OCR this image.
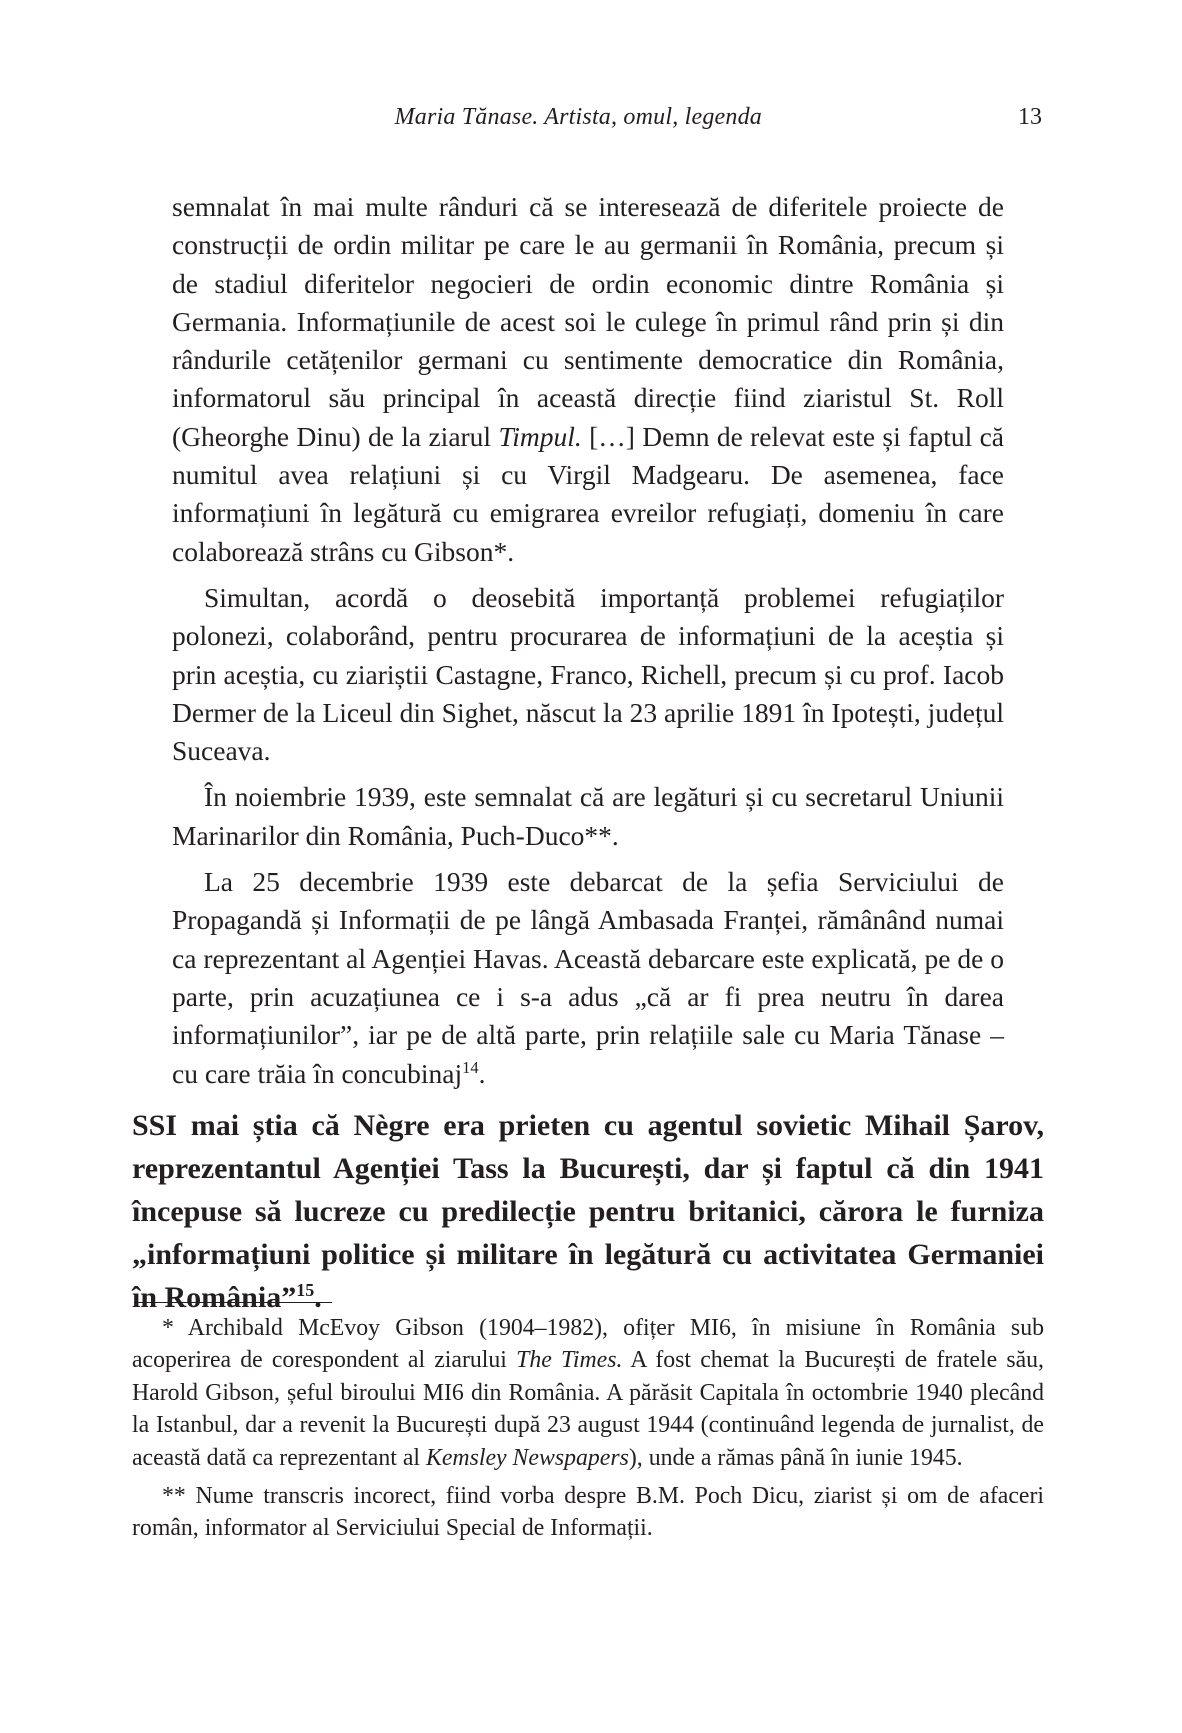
Maria Tănase. Artista, omul, legenda	13

semnalat în mai multe rânduri că se interesează de diferitele proiecte de construcții de ordin militar pe care le au germanii în România, precum și de stadiul diferitelor negocieri de ordin economic dintre România și Germania. Informațiunile de acest soi le culege în primul rând prin și din rândurile cetățenilor germani cu sentimente democratice din România, informatorul său principal în această direcție fiind ziaristul St. Roll (Gheorghe Dinu) de la ziarul Timpul. […] Demn de relevat este și faptul că numitul avea relațiuni și cu Virgil Madgearu. De asemenea, face informațiuni în legătură cu emigrarea evreilor refugiați, domeniu în care colaborează strâns cu Gibson*.

Simultan, acordă o deosebită importanță problemei refugiaților polonezi, colaborând, pentru procurarea de informațiuni de la aceștia și prin aceștia, cu ziariștii Castagne, Franco, Richell, precum și cu prof. Iacob Dermer de la Liceul din Sighet, născut la 23 aprilie 1891 în Ipotești, județul Suceava.

În noiembrie 1939, este semnalat că are legături și cu secretarul Uniunii Marinarilor din România, Puch-Duco**.

La 25 decembrie 1939 este debarcat de la șefia Serviciului de Propagandă și Informații de pe lângă Ambasada Franței, rămânând numai ca reprezentant al Agenției Havas. Această debarcare este explicată, pe de o parte, prin acuzațiunea ce i s-a adus „că ar fi prea neutru în darea informațiunilor”, iar pe de altă parte, prin relațiile sale cu Maria Tănase – cu care trăia în concubinaj$^{14}$.

SSI mai știa că Nègre era prieten cu agentul sovietic Mihail Șarov, reprezentantul Agenției Tass la București, dar și faptul că din 1941 începuse să lucreze cu predilecție pentru britanici, cărora le furniza „informațiuni politice și militare în legătură cu activitatea Germaniei în România”$^{15}$.

* Archibald McEvoy Gibson (1904–1982), ofițer MI6, în misiune în România sub acoperirea de corespondent al ziarului The Times. A fost chemat la București de fratele său, Harold Gibson, șeful biroului MI6 din România. A părăsit Capitala în octombrie 1940 plecând la Istanbul, dar a revenit la București după 23 august 1944 (continuând legenda de jurnalist, de această dată ca reprezentant al Kemsley Newspapers), unde a rămas până în iunie 1945.

** Nume transcris incorect, fiind vorba despre B.M. Poch Dicu, ziarist și om de afaceri român, informator al Serviciului Special de Informații.
